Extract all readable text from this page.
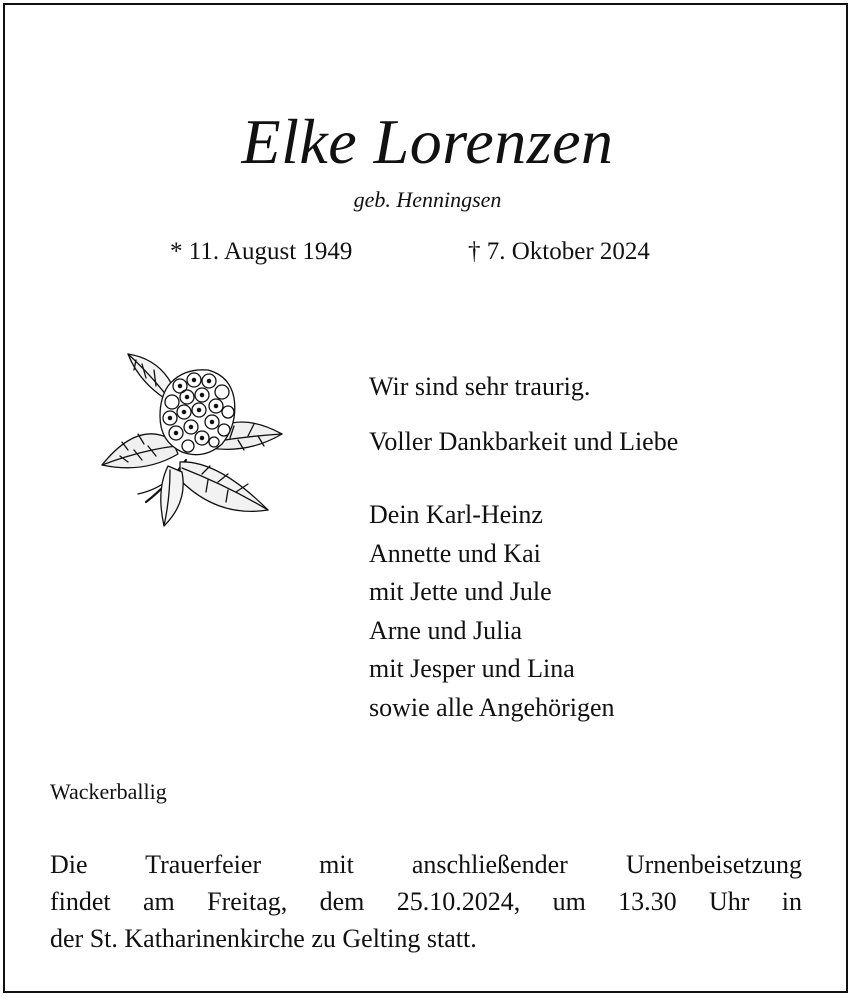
Elke Lorenzen
geb. Henningsen
* 11. August 1949	† 7. Oktober 2024
Wir sind sehr traurig.
Voller Dankbarkeit und Liebe
Dein Karl-Heinz
Annette und Kai
mit Jette und Jule
Arne und Julia
mit Jesper und Lina
sowie alle Angehörigen
Wackerballig
Die Trauerfeier mit anschließender Urnenbeisetzung
findet am Freitag, dem 25.10.2024, um 13.30 Uhr in
der St. Katharinenkirche zu Gelting statt.
